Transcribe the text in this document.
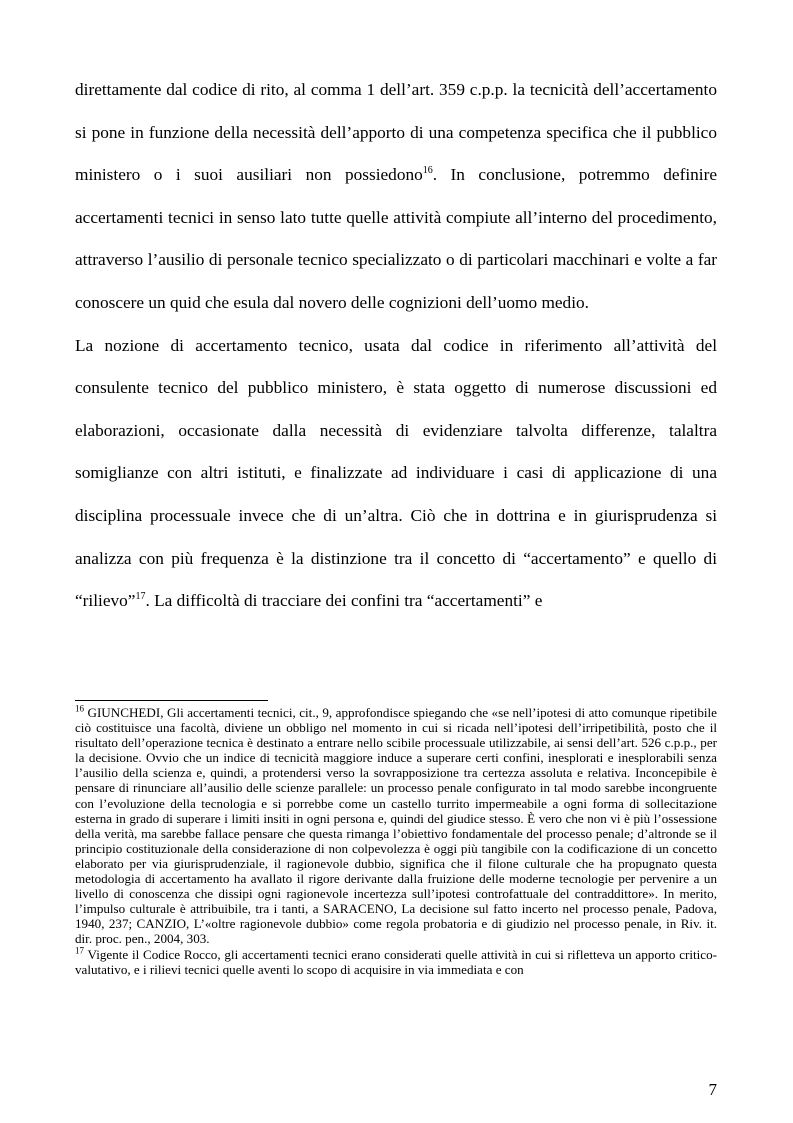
direttamente dal codice di rito, al comma 1 dell’art. 359 c.p.p. la tecnicità dell’accertamento si pone in funzione della necessità dell’apporto di una competenza specifica che il pubblico ministero o i suoi ausiliari non possiedono$^{16}$. In conclusione, potremmo definire accertamenti tecnici in senso lato tutte quelle attività compiute all’interno del procedimento, attraverso l’ausilio di personale tecnico specializzato o di particolari macchinari e volte a far conoscere un quid che esula dal novero delle cognizioni dell’uomo medio.

La nozione di accertamento tecnico, usata dal codice in riferimento all’attività del consulente tecnico del pubblico ministero, è stata oggetto di numerose discussioni ed elaborazioni, occasionate dalla necessità di evidenziare talvolta differenze, talaltra somiglianze con altri istituti, e finalizzate ad individuare i casi di applicazione di una disciplina processuale invece che di un’altra. Ciò che in dottrina e in giurisprudenza si analizza con più frequenza è la distinzione tra il concetto di “accertamento” e quello di “rilievo”$^{17}$. La difficoltà di tracciare dei confini tra “accertamenti” e

$^{16}$ GIUNCHEDI, Gli accertamenti tecnici, cit., 9, approfondisce spiegando che «se nell’ipotesi di atto comunque ripetibile ciò costituisce una facoltà, diviene un obbligo nel momento in cui si ricada nell’ipotesi dell’irripetibilità, posto che il risultato dell’operazione tecnica è destinato a entrare nello scibile processuale utilizzabile, ai sensi dell’art. 526 c.p.p., per la decisione. Ovvio che un indice di tecnicità maggiore induce a superare certi confini, inesplorati e inesplorabili senza l’ausilio della scienza e, quindi, a protendersi verso la sovrapposizione tra certezza assoluta e relativa. Inconcepibile è pensare di rinunciare all’ausilio delle scienze parallele: un processo penale configurato in tal modo sarebbe incongruente con l’evoluzione della tecnologia e si porrebbe come un castello turrito impermeabile a ogni forma di sollecitazione esterna in grado di superare i limiti insiti in ogni persona e, quindi del giudice stesso. È vero che non vi è più l’ossessione della verità, ma sarebbe fallace pensare che questa rimanga l’obiettivo fondamentale del processo penale; d’altronde se il principio costituzionale della considerazione di non colpevolezza è oggi più tangibile con la codificazione di un concetto elaborato per via giurisprudenziale, il ragionevole dubbio, significa che il filone culturale che ha propugnato questa metodologia di accertamento ha avallato il rigore derivante dalla fruizione delle moderne tecnologie per pervenire a un livello di conoscenza che dissipi ogni ragionevole incertezza sull’ipotesi controfattuale del contraddittore». In merito, l’impulso culturale è attribuibile, tra i tanti, a SARACENO, La decisione sul fatto incerto nel processo penale, Padova, 1940, 237; CANZIO, L’«oltre ragionevole dubbio» come regola probatoria e di giudizio nel processo penale, in Riv. it. dir. proc. pen., 2004, 303.

$^{17}$ Vigente il Codice Rocco, gli accertamenti tecnici erano considerati quelle attività in cui si rifletteva un apporto critico-valutativo, e i rilievi tecnici quelle aventi lo scopo di acquisire in via immediata e con

7
